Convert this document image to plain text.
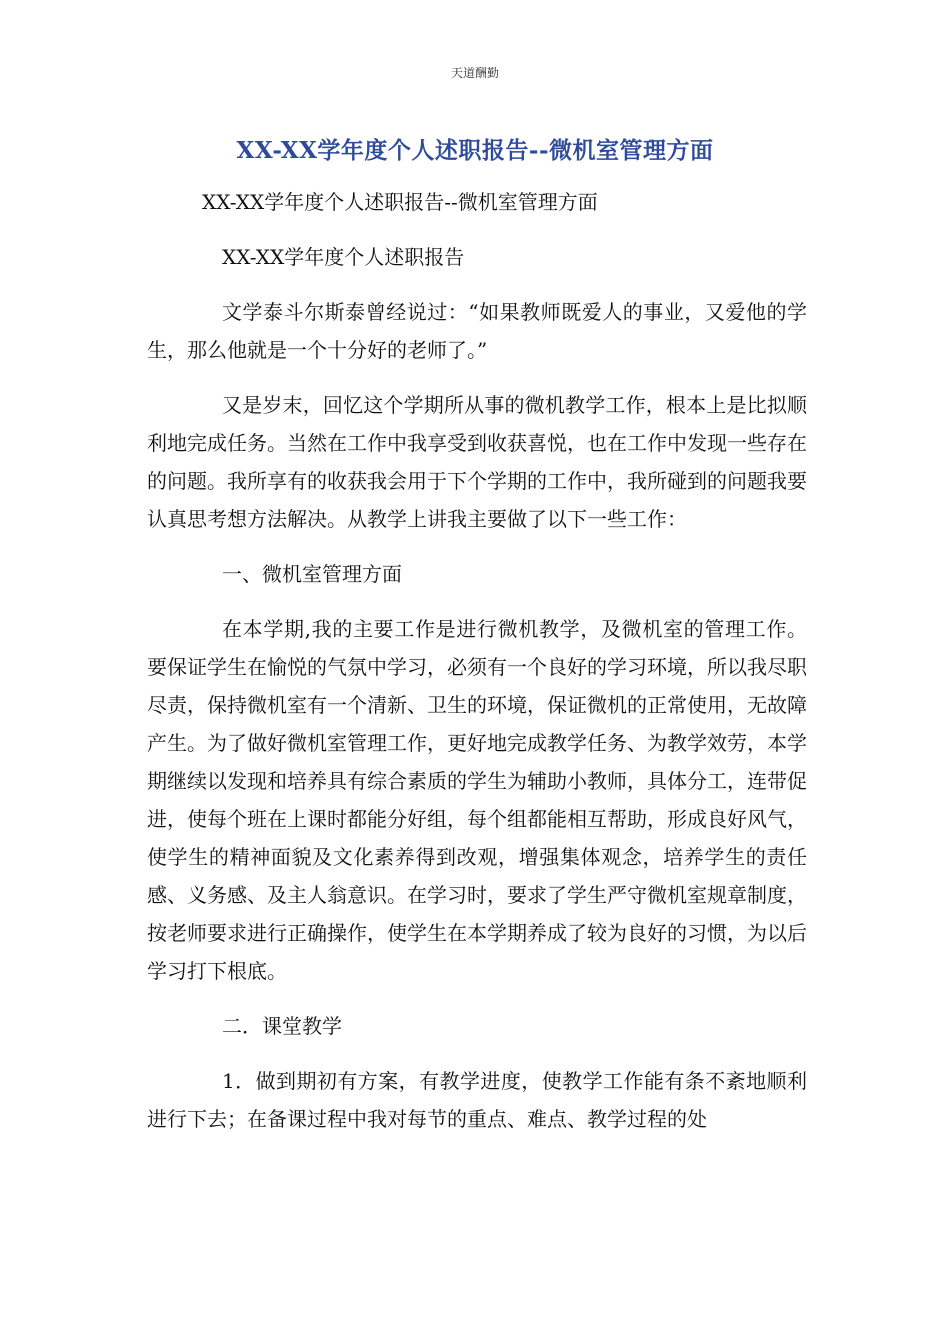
天道酬勤
XX-XX学年度个人述职报告--微机室管理方面

XX-XX学年度个人述职报告--微机室管理方面

XX-XX学年度个人述职报告

文学泰斗尔斯泰曾经说过：“如果教师既爱人的事业，又爱他的学生，那么他就是一个十分好的老师了。”

又是岁末，回忆这个学期所从事的微机教学工作，根本上是比拟顺利地完成任务。当然在工作中我享受到收获喜悦，也在工作中发现一些存在的问题。我所享有的收获我会用于下个学期的工作中，我所碰到的问题我要认真思考想方法解决。从教学上讲我主要做了以下一些工作：

一、微机室管理方面

在本学期,我的主要工作是进行微机教学，及微机室的管理工作。要保证学生在愉悦的气氛中学习，必须有一个良好的学习环境，所以我尽职尽责，保持微机室有一个清新、卫生的环境，保证微机的正常使用，无故障产生。为了做好微机室管理工作，更好地完成教学任务、为教学效劳，本学期继续以发现和培养具有综合素质的学生为辅助小教师，具体分工，连带促进，使每个班在上课时都能分好组，每个组都能相互帮助，形成良好风气，使学生的精神面貌及文化素养得到改观，增强集体观念，培养学生的责任感、义务感、及主人翁意识。在学习时，要求了学生严守微机室规章制度，按老师要求进行正确操作，使学生在本学期养成了较为良好的习惯，为以后学习打下根底。

二．课堂教学

1．做到期初有方案，有教学进度，使教学工作能有条不紊地顺利进行下去；在备课过程中我对每节的重点、难点、教学过程的处
